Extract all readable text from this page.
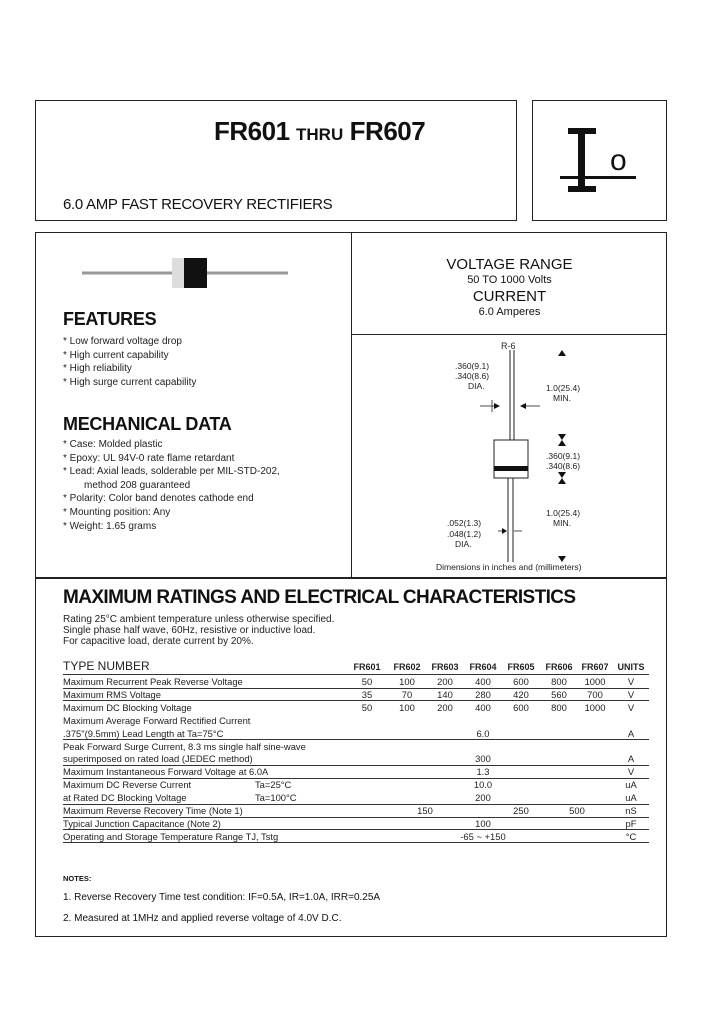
FR601 THRU FR607
6.0 AMP FAST RECOVERY RECTIFIERS
o
FEATURES
* Low forward voltage drop
* High current capability
* High reliability
* High surge current capability
MECHANICAL DATA
* Case: Molded plastic
* Epoxy: UL 94V-0 rate flame retardant
* Lead: Axial leads, solderable per MIL-STD-202,
method 208 guaranteed
* Polarity: Color band denotes cathode end
* Mounting position: Any
* Weight: 1.65 grams
VOLTAGE RANGE
50 TO 1000 Volts
CURRENT
6.0 Amperes
R-6
.360(9.1)
.340(8.6)
DIA.	1.0(25.4)
MIN.
.360(9.1)
.340(8.6)
1.0(25.4)
MIN.
.052(1.3)
.048(1.2)
DIA.
Dimensions in inches and (millimeters)
MAXIMUM RATINGS AND ELECTRICAL CHARACTERISTICS
Rating 25°C ambient temperature unless otherwise specified.
Single phase half wave, 60Hz, resistive or inductive load.
For capacitive load, derate current by 20%.
TYPE NUMBER	FR601	FR602	FR603	FR604	FR605	FR606 FR607	UNITS
Maximum Recurrent Peak Reverse Voltage	50	100	200	400	600	800	1000	V
Maximum RMS Voltage	35	70	140	280	420	560	700	V
Maximum DC Blocking Voltage	50	100	200	400	600	800	1000	V
Maximum Average Forward Rectified Current
.375"(9.5mm) Lead Length at Ta=75°C	6.0	A
Peak Forward Surge Current, 8.3 ms single half sine-wave
superimposed on rated load (JEDEC method)	300	A
Maximum Instantaneous Forward Voltage at 6.0A	1.3	V
Maximum DC Reverse Current	Ta=25°C	10.0	uA
at Rated DC Blocking Voltage	Ta=100°C	200	uA
Maximum Reverse Recovery Time (Note 1)	150	250	500	nS
Typical Junction Capacitance (Note 2)	100	pF
Operating and Storage Temperature Range TJ, Tstg	-65 ~ +150	°C
NOTES:
1. Reverse Recovery Time test condition: IF=0.5A, IR=1.0A, IRR=0.25A
2. Measured at 1MHz and applied reverse voltage of 4.0V D.C.
